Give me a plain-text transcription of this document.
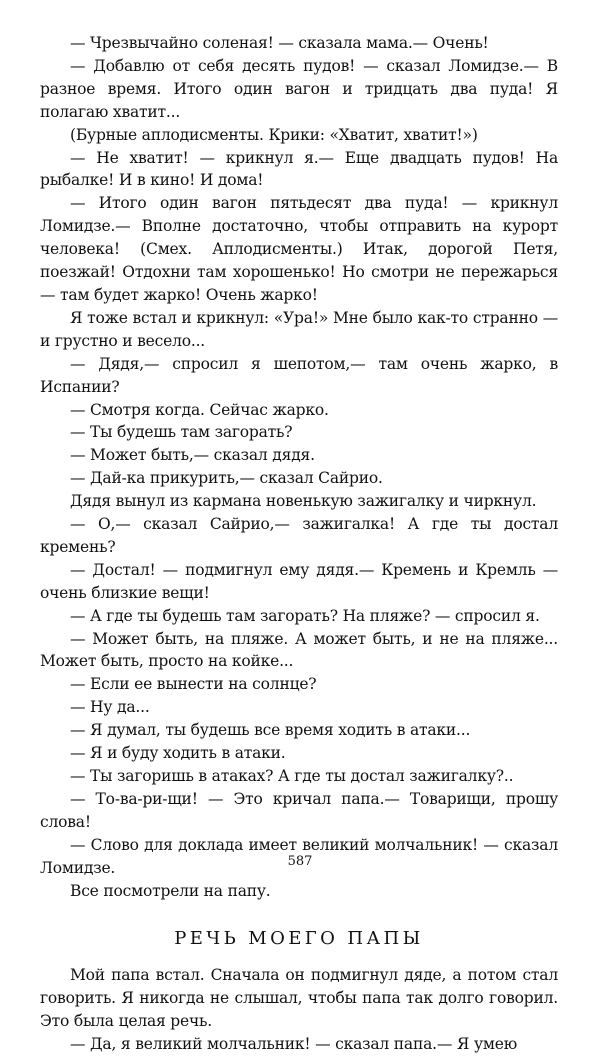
— Чрезвычайно соленая! — сказала мама.— Очень!

— Добавлю от себя десять пудов! — сказал Ломидзе.— В разное время. Итого один вагон и тридцать два пуда! Я полагаю хватит...

(Бурные аплодисменты. Крики: «Хватит, хватит!»)

— Не хватит! — крикнул я.— Еще двадцать пудов! На рыбалке! И в кино! И дома!

— Итого один вагон пятьдесят два пуда! — крикнул Ломидзе.— Вполне достаточно, чтобы отправить на курорт человека! (Смех. Аплодисменты.) Итак, дорогой Петя, поезжай! Отдохни там хорошенько! Но смотри не пережарься — там будет жарко! Очень жарко!

Я тоже встал и крикнул: «Ура!» Мне было как-то странно — и грустно и весело...

— Дядя,— спросил я шепотом,— там очень жарко, в Испании?

— Смотря когда. Сейчас жарко.

— Ты будешь там загорать?

— Может быть,— сказал дядя.

— Дай-ка прикурить,— сказал Сайрио.

Дядя вынул из кармана новенькую зажигалку и чиркнул.

— О,— сказал Сайрио,— зажигалка! А где ты достал кремень?

— Достал! — подмигнул ему дядя.— Кремень и Кремль — очень близкие вещи!

— А где ты будешь там загорать? На пляже? — спросил я.

— Может быть, на пляже. А может быть, и не на пляже... Может быть, просто на койке...

— Если ее вынести на солнце?

— Ну да...

— Я думал, ты будешь все время ходить в атаки...

— Я и буду ходить в атаки.

— Ты загоришь в атаках? А где ты достал зажигалку?..

— То-ва-ри-щи! — Это кричал папа.— Товарищи, прошу слова!

— Слово для доклада имеет великий молчальник! — сказал Ломидзе.

Все посмотрели на папу.

РЕЧЬ МОЕГО ПАПЫ

Мой папа встал. Сначала он подмигнул дяде, а потом стал говорить. Я никогда не слышал, чтобы папа так долго говорил. Это была целая речь.

— Да, я великий молчальник! — сказал папа.— Я умею

587
